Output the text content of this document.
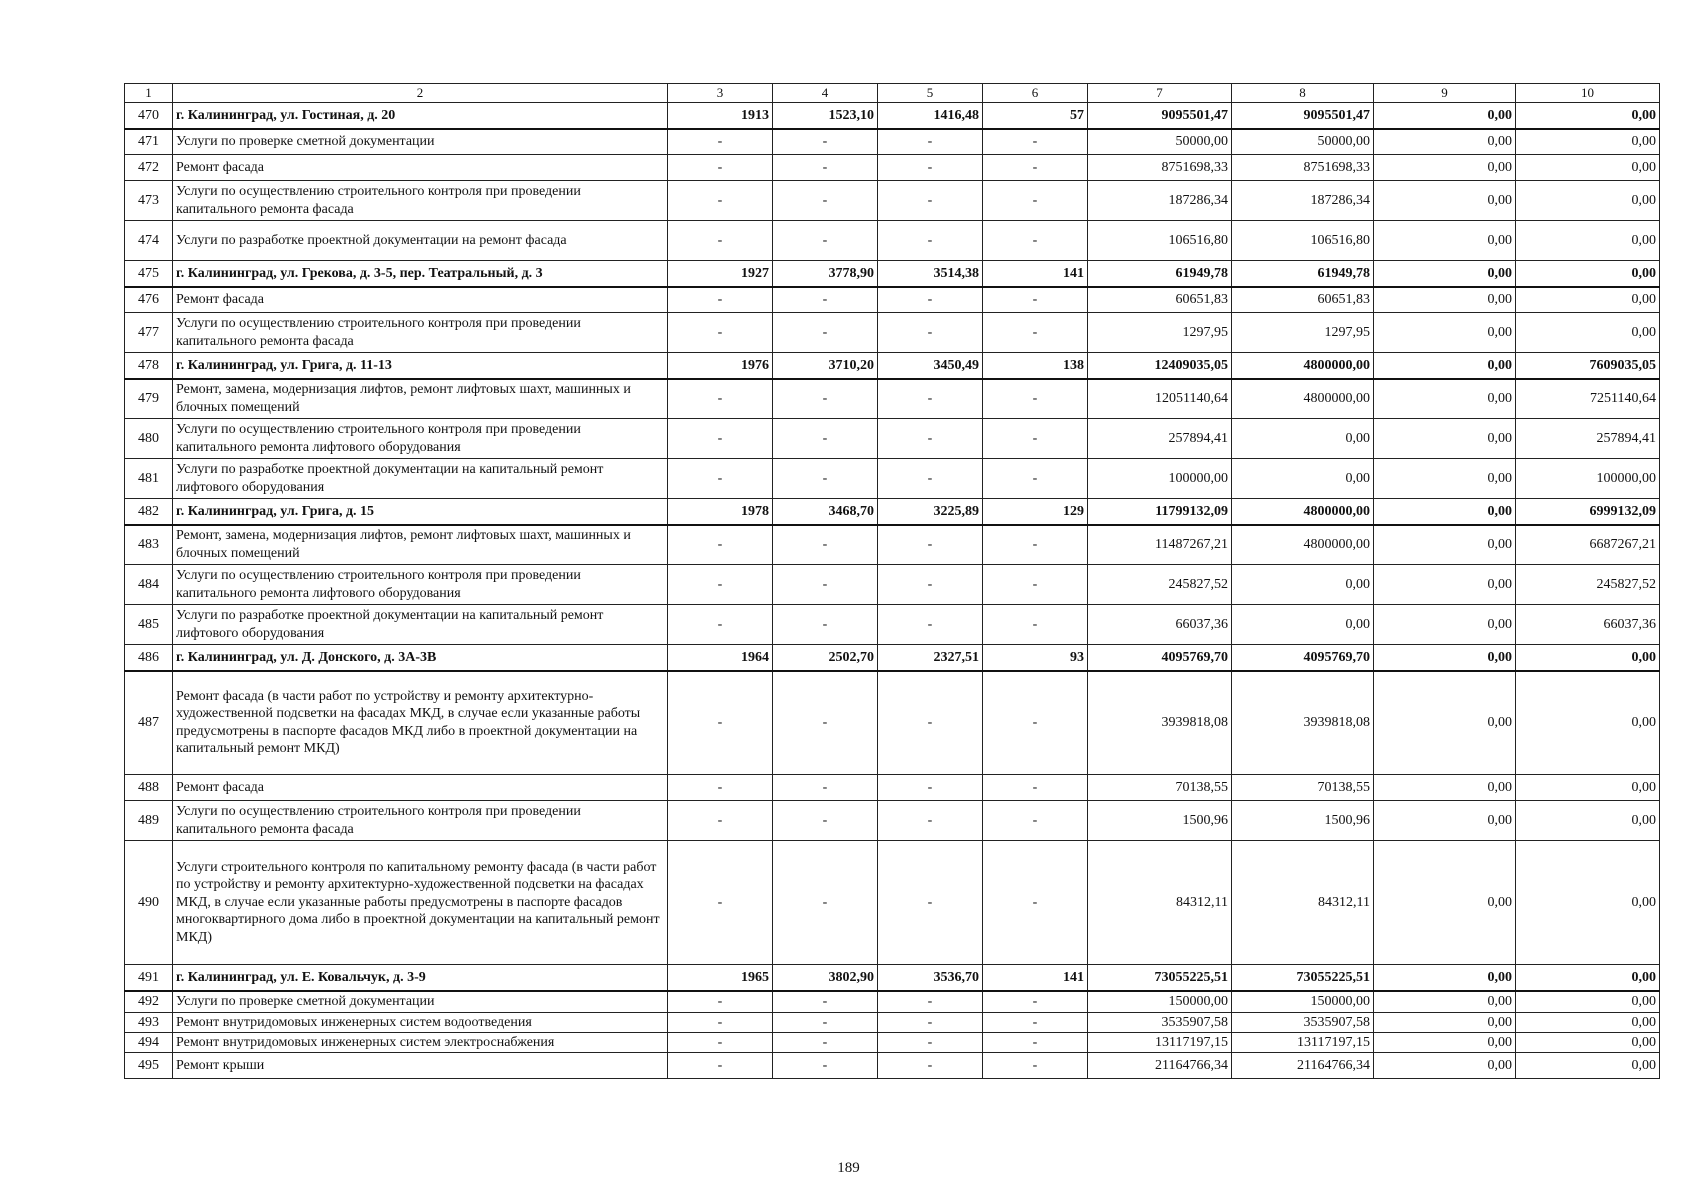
1	2	3	4	5	6	7	8	9	10
470	г. Калининград, ул. Гостиная, д. 20	1913	1523,10	1416,48	57	9095501,47	9095501,47	0,00	0,00
471	Услуги по проверке сметной документации	-	-	-	-	50000,00	50000,00	0,00	0,00
472	Ремонт фасада	-	-	-	-	8751698,33	8751698,33	0,00	0,00
473	Услуги по осуществлению строительного контроля при проведении капитального ремонта фасада	-	-	-	-	187286,34	187286,34	0,00	0,00
474	Услуги по разработке проектной документации на ремонт фасада	-	-	-	-	106516,80	106516,80	0,00	0,00
475	г. Калининград, ул. Грекова, д. 3-5, пер. Театральный, д. 3	1927	3778,90	3514,38	141	61949,78	61949,78	0,00	0,00
476	Ремонт фасада	-	-	-	-	60651,83	60651,83	0,00	0,00
477	Услуги по осуществлению строительного контроля при проведении капитального ремонта фасада	-	-	-	-	1297,95	1297,95	0,00	0,00
478	г. Калининград, ул. Грига, д. 11-13	1976	3710,20	3450,49	138	12409035,05	4800000,00	0,00	7609035,05
479	Ремонт, замена, модернизация лифтов, ремонт лифтовых шахт, машинных и блочных помещений	-	-	-	-	12051140,64	4800000,00	0,00	7251140,64
480	Услуги по осуществлению строительного контроля при проведении капитального ремонта лифтового оборудования	-	-	-	-	257894,41	0,00	0,00	257894,41
481	Услуги по разработке проектной документации на капитальный ремонт лифтового оборудования	-	-	-	-	100000,00	0,00	0,00	100000,00
482	г. Калининград, ул. Грига, д. 15	1978	3468,70	3225,89	129	11799132,09	4800000,00	0,00	6999132,09
483	Ремонт, замена, модернизация лифтов, ремонт лифтовых шахт, машинных и блочных помещений	-	-	-	-	11487267,21	4800000,00	0,00	6687267,21
484	Услуги по осуществлению строительного контроля при проведении капитального ремонта лифтового оборудования	-	-	-	-	245827,52	0,00	0,00	245827,52
485	Услуги по разработке проектной документации на капитальный ремонт лифтового оборудования	-	-	-	-	66037,36	0,00	0,00	66037,36
486	г. Калининград, ул. Д. Донского, д. 3А-3В	1964	2502,70	2327,51	93	4095769,70	4095769,70	0,00	0,00
487	Ремонт фасада (в части работ по устройству и ремонту архитектурно-художественной подсветки на фасадах МКД, в случае если указанные работы предусмотрены в паспорте фасадов МКД либо в проектной документации на капитальный ремонт МКД)	-	-	-	-	3939818,08	3939818,08	0,00	0,00
488	Ремонт фасада	-	-	-	-	70138,55	70138,55	0,00	0,00
489	Услуги по осуществлению строительного контроля при проведении капитального ремонта фасада	-	-	-	-	1500,96	1500,96	0,00	0,00
490	Услуги строительного контроля по капитальному ремонту фасада (в части работ по устройству и ремонту архитектурно-художественной подсветки на фасадах МКД, в случае если указанные работы предусмотрены в паспорте фасадов многоквартирного дома либо в проектной документации на капитальный ремонт МКД)	-	-	-	-	84312,11	84312,11	0,00	0,00
491	г. Калининград, ул. Е. Ковальчук, д. 3-9	1965	3802,90	3536,70	141	73055225,51	73055225,51	0,00	0,00
492	Услуги по проверке сметной документации	-	-	-	-	150000,00	150000,00	0,00	0,00
493	Ремонт внутридомовых инженерных систем водоотведения	-	-	-	-	3535907,58	3535907,58	0,00	0,00
494	Ремонт внутридомовых инженерных систем электроснабжения	-	-	-	-	13117197,15	13117197,15	0,00	0,00
495	Ремонт крыши	-	-	-	-	21164766,34	21164766,34	0,00	0,00
189
